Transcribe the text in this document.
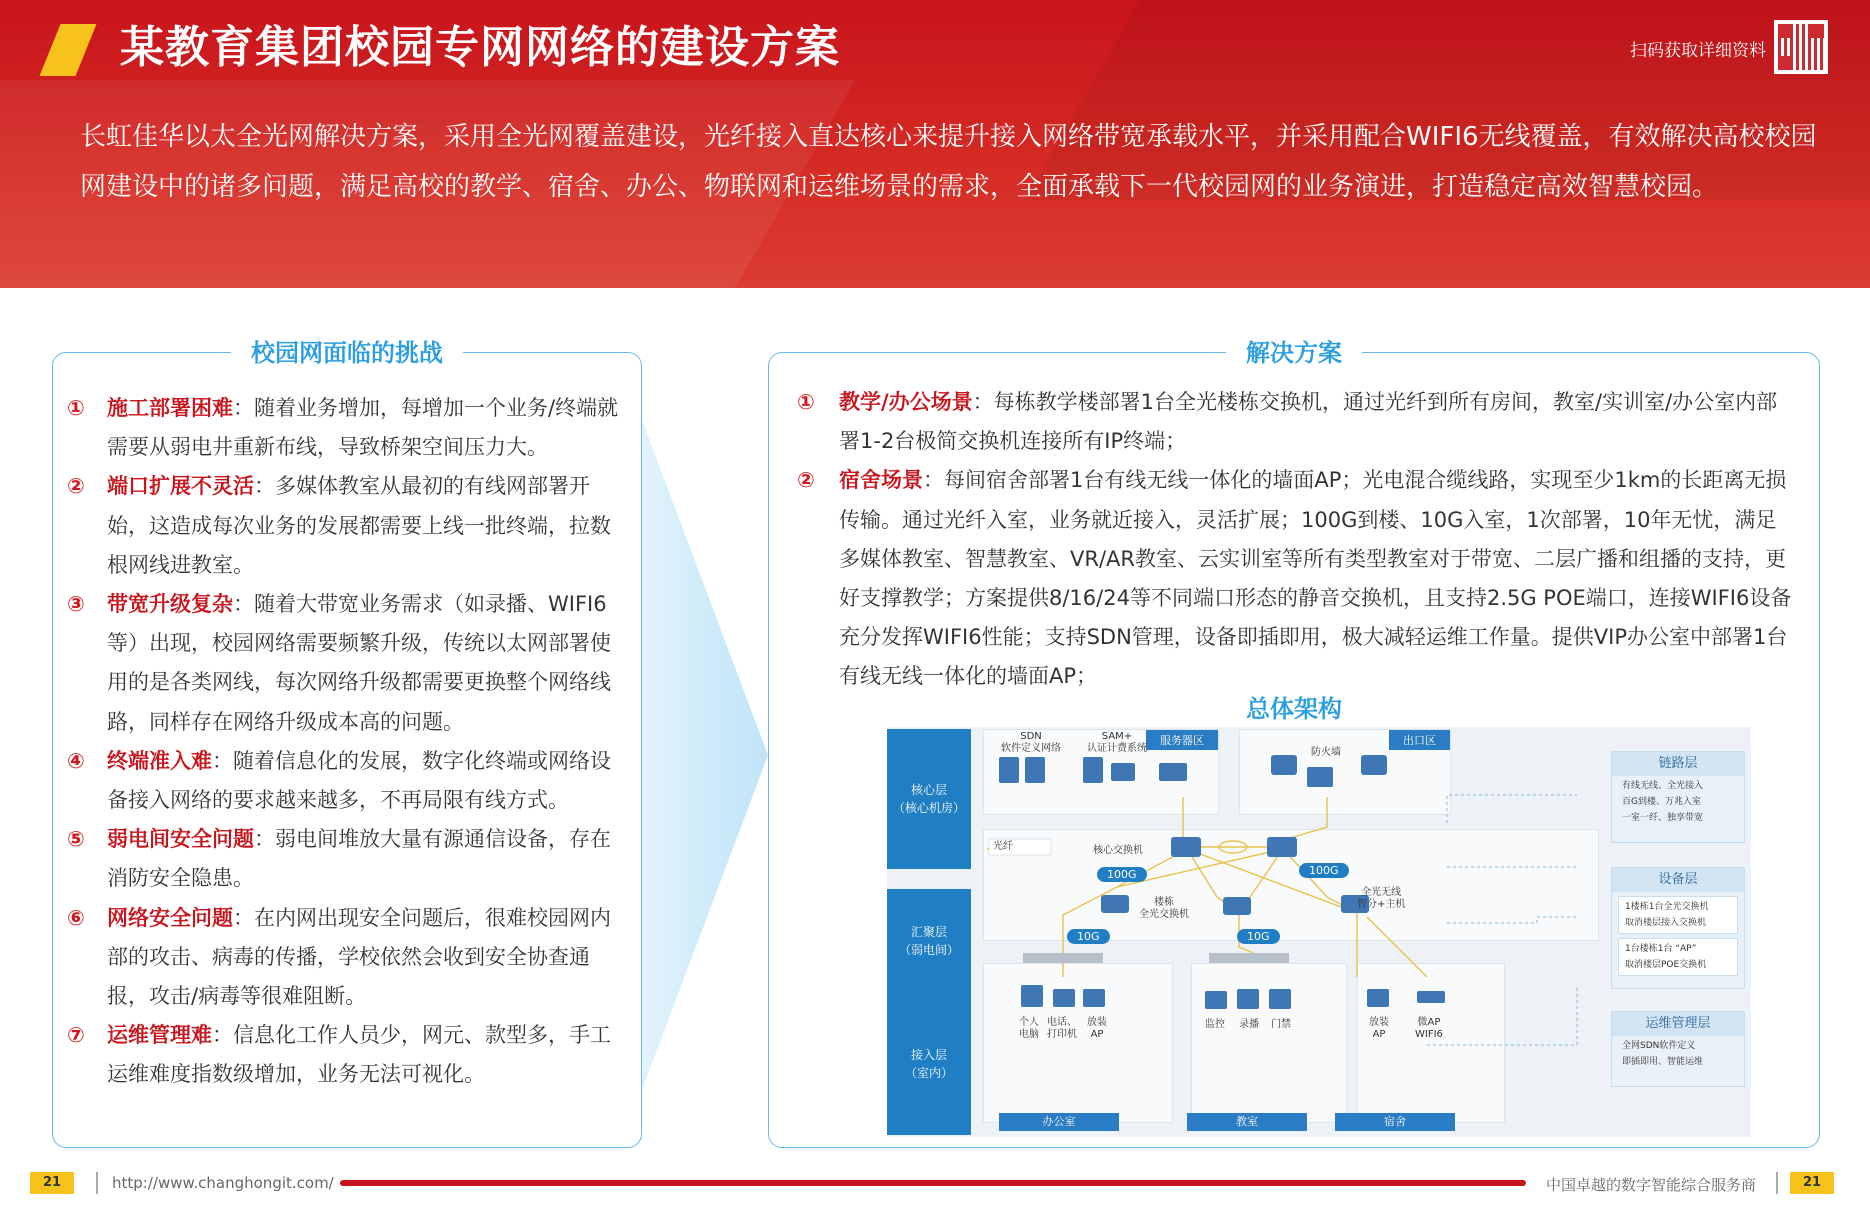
某教育集团校园专网网络的建设方案	扫码获取详细资料
长虹佳华以太全光网解决方案，采用全光网覆盖建设，光纤接入直达核心来提升接入网络带宽承载水平，并采用配合WIFI6无线覆盖，有效解决高校校园网建设中的诸多问题，满足高校的教学、宿舍、办公、物联网和运维场景的需求，全面承载下一代校园网的业务演进，打造稳定高效智慧校园。
校园网面临的挑战
①	施工部署困难：随着业务增加，每增加一个业务/终端就需要从弱电井重新布线，导致桥架空间压力大。
②	端口扩展不灵活：多媒体教室从最初的有线网部署开始，这造成每次业务的发展都需要上线一批终端，拉数根网线进教室。
③	带宽升级复杂：随着大带宽业务需求（如录播、WIFI6等）出现，校园网络需要频繁升级，传统以太网部署使用的是各类网线，每次网络升级都需要更换整个网络线路，同样存在网络升级成本高的问题。
④	终端准入难：随着信息化的发展，数字化终端或网络设备接入网络的要求越来越多，不再局限有线方式。
⑤	弱电间安全问题：弱电间堆放大量有源通信设备，存在消防安全隐患。
⑥	网络安全问题：在内网出现安全问题后，很难校园网内部的攻击、病毒的传播，学校依然会收到安全协查通报，攻击/病毒等很难阻断。
⑦	运维管理难：信息化工作人员少，网元、款型多，手工运维难度指数级增加，业务无法可视化。
解决方案
①	教学/办公场景：每栋教学楼部署1台全光楼栋交换机，通过光纤到所有房间，教室/实训室/办公室内部署1-2台极简交换机连接所有IP终端；
②	宿舍场景：每间宿舍部署1台有线无线一体化的墙面AP；光电混合缆线路，实现至少1km的长距离无损传输。通过光纤入室，业务就近接入，灵活扩展；100G到楼、10G入室，1次部署，10年无忧，满足多媒体教室、智慧教室、VR/AR教室、云实训室等所有类型教室对于带宽、二层广播和组播的支持，更好支撑教学；方案提供8/16/24等不同端口形态的静音交换机，且支持2.5G POE端口，连接WIFI6设备充分发挥WIFI6性能；支持SDN管理，设备即插即用，极大减轻运维工作量。提供VIP办公室中部署1台有线无线一体化的墙面AP；
总体架构
核心层
（核心机房）
汇聚层
（弱电间）
接入层
（室内）
服务器区	出口区
SDN
软件定义网络
SAM+
认证计费系统	防火墙
光纤	核心交换机
楼栋
全光交换机
全光无线
智分+主机
100G	100G
10G	10G
个人
电脑
电话、
打印机
放装
AP
监控 录播 门禁	放装
AP
微AP
WIFI6
办公室	教室	宿舍
链路层
有线无线、全光接入
百G到楼、万兆入室
一室一纤、独享带宽
设备层
1楼栋1台全光交换机
取消楼层接入交换机
1台楼栋1台 “AP”
取消楼层POE交换机
运维管理层
全网SDN软件定义
即插即用、智能运维
21	http://www.changhongit.com/	中国卓越的数字智能综合服务商	21
